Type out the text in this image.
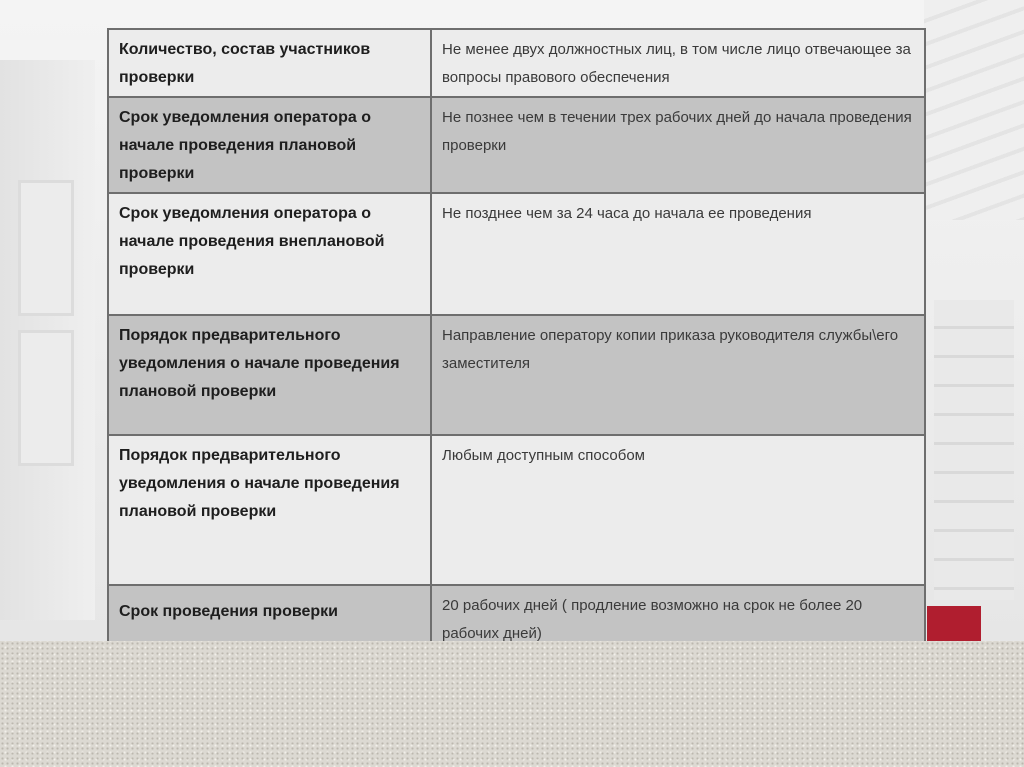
Количество, состав участников проверки	Не менее двух должностных лиц, в том числе лицо отвечающее за вопросы правового обеспечения
Срок уведомления оператора о начале проведения плановой проверки	Не познее чем в течении трех рабочих дней до начала проведения проверки
Срок уведомления оператора о начале проведения внеплановой проверки	Не позднее чем за 24 часа до начала ее проведения
Порядок предварительного уведомления о начале проведения плановой проверки	Направление оператору копии приказа руководителя службы\его заместителя
Порядок предварительного уведомления о начале проведения плановой проверки	Любым доступным способом
Срок проведения проверки	20 рабочих дней ( продление возможно на срок не более 20 рабочих дней)
